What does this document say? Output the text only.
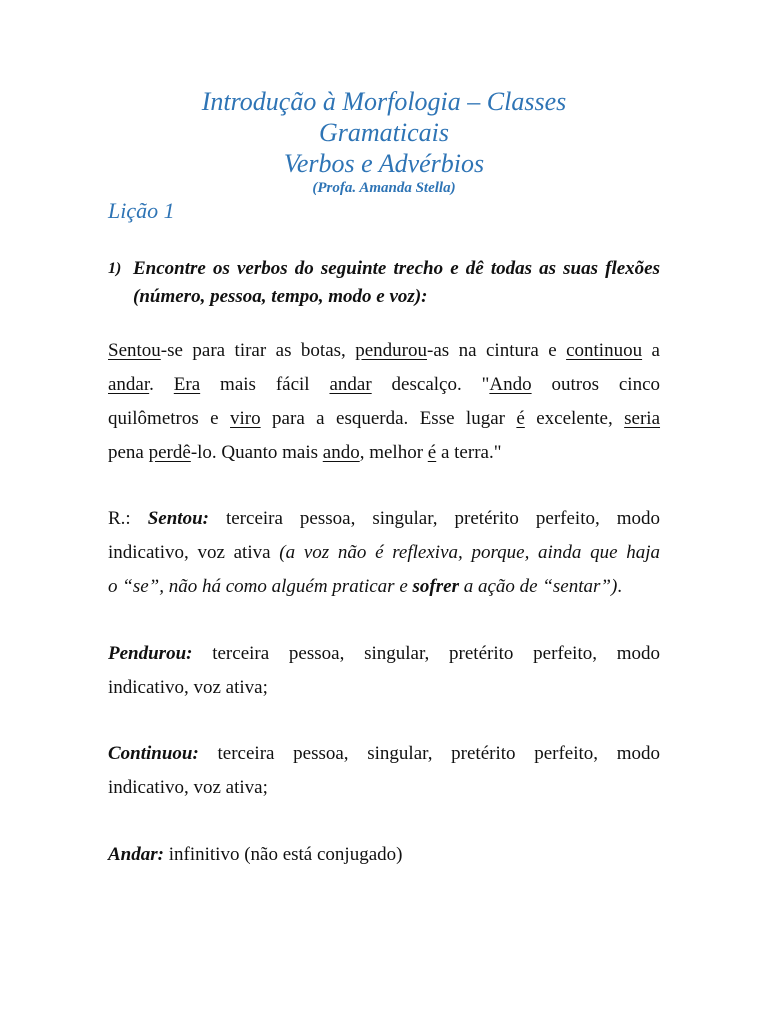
Introdução à Morfologia – Classes
Gramaticais
Verbos e Advérbios
(Profa. Amanda Stella)
Lição 1
1) Encontre os verbos do seguinte trecho e dê todas as suas flexões (número, pessoa, tempo, modo e voz):
Sentou-se para tirar as botas, pendurou-as na cintura e continuou a
andar. Era mais fácil andar descalço. "Ando outros cinco
quilômetros e viro para a esquerda. Esse lugar é excelente, seria
pena perdê-lo. Quanto mais ando, melhor é a terra."
R.: Sentou: terceira pessoa, singular, pretérito perfeito, modo
indicativo, voz ativa (a voz não é reflexiva, porque, ainda que haja
o “se”, não há como alguém praticar e sofrer a ação de “sentar”).
Pendurou: terceira pessoa, singular, pretérito perfeito, modo
indicativo, voz ativa;
Continuou: terceira pessoa, singular, pretérito perfeito, modo
indicativo, voz ativa;
Andar: infinitivo (não está conjugado)
